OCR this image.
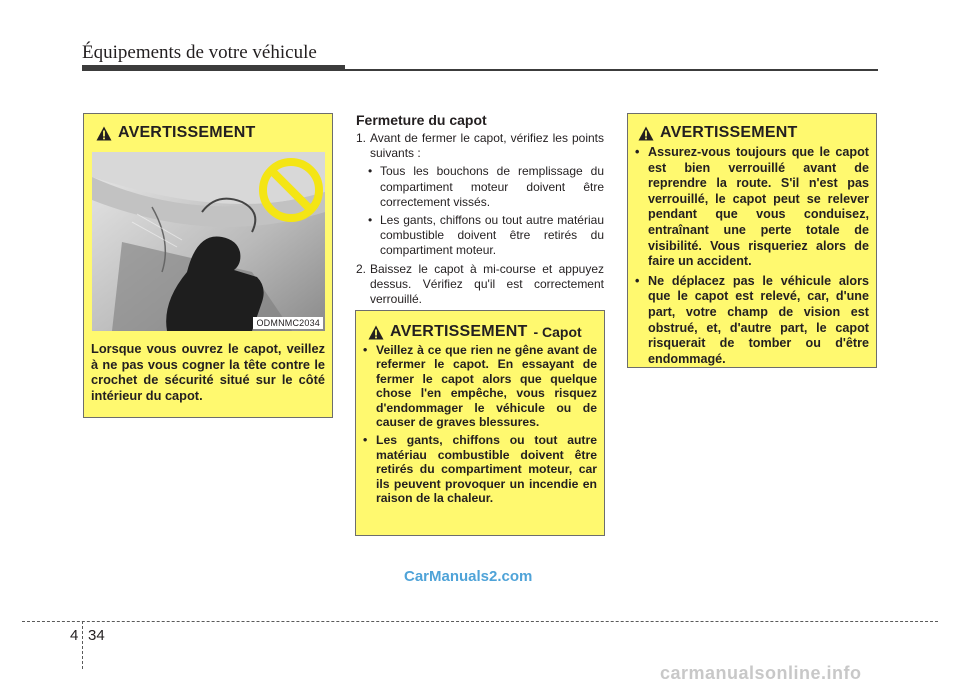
Équipements de votre véhicule
AVERTISSEMENT
ODMNMC2034
Lorsque vous ouvrez le capot, veillez à ne pas vous cogner la tête contre le crochet de sécurité situé sur le côté intérieur du capot.
Fermeture du capot
1. Avant de fermer le capot, vérifiez les points suivants :
• Tous les bouchons de remplissage du compartiment moteur doivent être correctement vissés.
• Les gants, chiffons ou tout autre matériau combustible doivent être retirés du compartiment moteur.
2. Baissez le capot à mi-course et appuyez dessus. Vérifiez qu'il est correctement verrouillé.
AVERTISSEMENT - Capot
• Veillez à ce que rien ne gêne avant de refermer le capot. En essayant de fermer le capot alors que quelque chose l'en empêche, vous risquez d'endommager le véhicule ou de causer de graves blessures.
• Les gants, chiffons ou tout autre matériau combustible doivent être retirés du compartiment moteur, car ils peuvent provoquer un incendie en raison de la chaleur.
AVERTISSEMENT
• Assurez-vous toujours que le capot est bien verrouillé avant de reprendre la route. S'il n'est pas verrouillé, le capot peut se relever pendant que vous conduisez, entraînant une perte totale de visibilité. Vous risqueriez alors de faire un accident.
• Ne déplacez pas le véhicule alors que le capot est relevé, car, d'une part, votre champ de vision est obstrué, et, d'autre part, le capot risquerait de tomber ou d'être endommagé.
CarManuals2.com
4 34
carmanualsonline.info
